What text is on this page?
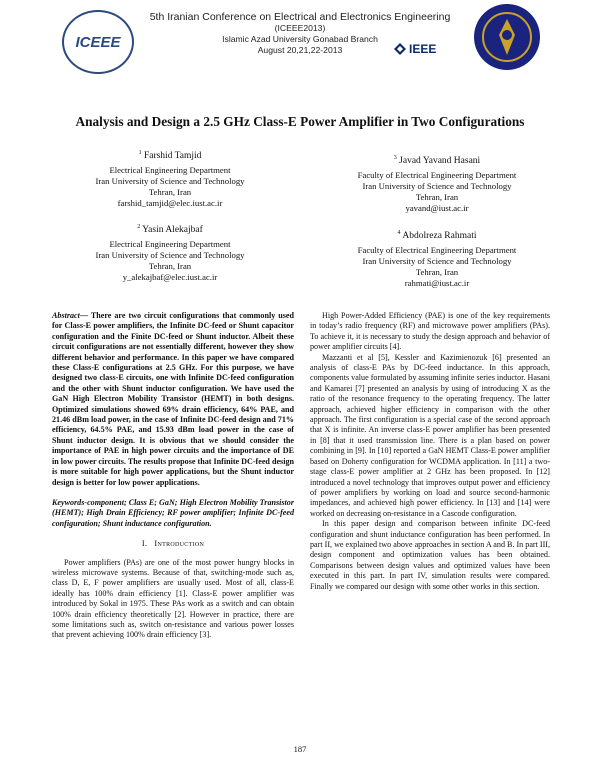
ICEEE
5th Iranian Conference on Electrical and Electronics Engineering
(ICEEE2013)
Islamic Azad University Gonabad Branch
August 20,21,22-2013	IEEE
Analysis and Design a 2.5 GHz Class-E Power Amplifier in Two Configurations
$^1$ Farshid Tamjid
Electrical Engineering Department
Iran University of Science and Technology
Tehran, Iran
farshid_tamjid@elec.iust.ac.ir
$^3$ Javad Yavand Hasani
Faculty of Electrical Engineering Department
Iran University of Science and Technology
Tehran, Iran
yavand@iust.ac.ir
$^2$ Yasin Alekajbaf
Electrical Engineering Department
Iran University of Science and Technology
Tehran, Iran
y_alekajbaf@elec.iust.ac.ir
$^4$ Abdolreza Rahmati
Faculty of Electrical Engineering Department
Iran University of Science and Technology
Tehran, Iran
rahmati@iust.ac.ir
Abstract— There are two circuit configurations that commonly used for Class-E power amplifiers, the Infinite DC-feed or Shunt capacitor configuration and the Finite DC-feed or Shunt inductor. Albeit these circuit configurations are not essentially different, however they show different behavior and performance. In this paper we have compared these Class-E configurations at 2.5 GHz. For this purpose, we have designed two class-E circuits, one with Infinite DC-feed configuration and the other with Shunt inductor configuration. We have used the GaN High Electron Mobility Transistor (HEMT) in both designs. Optimized simulations showed 69% drain efficiency, 64% PAE, and 21.46 dBm load power, in the case of Infinite DC-feed design and 71% efficiency, 64.5% PAE, and 15.93 dBm load power in the case of Shunt inductor design. It is obvious that we should consider the importance of PAE in high power circuits and the importance of DE in low power circuits. The results propose that Infinite DC-feed design is more suitable for high power applications, but the Shunt inductor design is better for low power applications.
Keywords-component; Class E; GaN; High Electron Mobility Transistor (HEMT); High Drain Efficiency; RF power amplifier; Infinite DC-feed configuration; Shunt inductance configuration.
I. Introduction

Power amplifiers (PAs) are one of the most power hungry blocks in wireless microwave systems. Because of that, switching-mode such as, class D, E, F power amplifiers are usually used. Most of all, class-E ideally has 100% drain efficiency [1]. Class-E power amplifier was introduced by Sokal in 1975. These PAs work as a switch and can obtain 100% drain efficiency theoretically [2]. However in practice, there are some limitations such as, switch on-resistance and various power losses that prevent achieving 100% drain efficiency [3].

High Power-Added Efficiency (PAE) is one of the key requirements in today’s radio frequency (RF) and microwave power amplifiers (PAs). To achieve it, it is necessary to study the design approach and behavior of power amplifier circuits [4].

Mazzanti et al [5], Kessler and Kazimienozuk [6] presented an analysis of class-E PAs by DC-feed inductance. In this approach, components value formulated by assuming infinite series inductor. Hasani and Kamarei [7] presented an analysis by using of introducing X as the ratio of the resonance frequency to the operating frequency. The latter approach, achieved higher efficiency in comparison with the other approach. The first configuration is a special case of the second approach that X is infinite. An inverse class-E power amplifier has been presented in [8] that it used transmission line. There is a plan based on power combining in [9]. In [10] reported a GaN HEMT Class-E power amplifier based on Doherty configuration for WCDMA application. In [11] a two-stage class-E power amplifier at 2 GHz has been proposed. In [12] introduced a novel technology that improves output power and efficiency of power amplifiers by working on load and source second-harmonic impedances, and achieved high power efficiency. In [13] and [14] were worked on decreasing on-resistance in a Cascode configuration.

In this paper design and comparison between infinite DC-feed configuration and shunt inductance configuration has been performed. In part II, we explained two above approaches in section A and B. In part III, design component and optimization values has been obtained. Comparisons between design values and optimized values have been executed in this part. In part IV, simulation results were compared. Finally we compared our design with some other works in this section.

187
